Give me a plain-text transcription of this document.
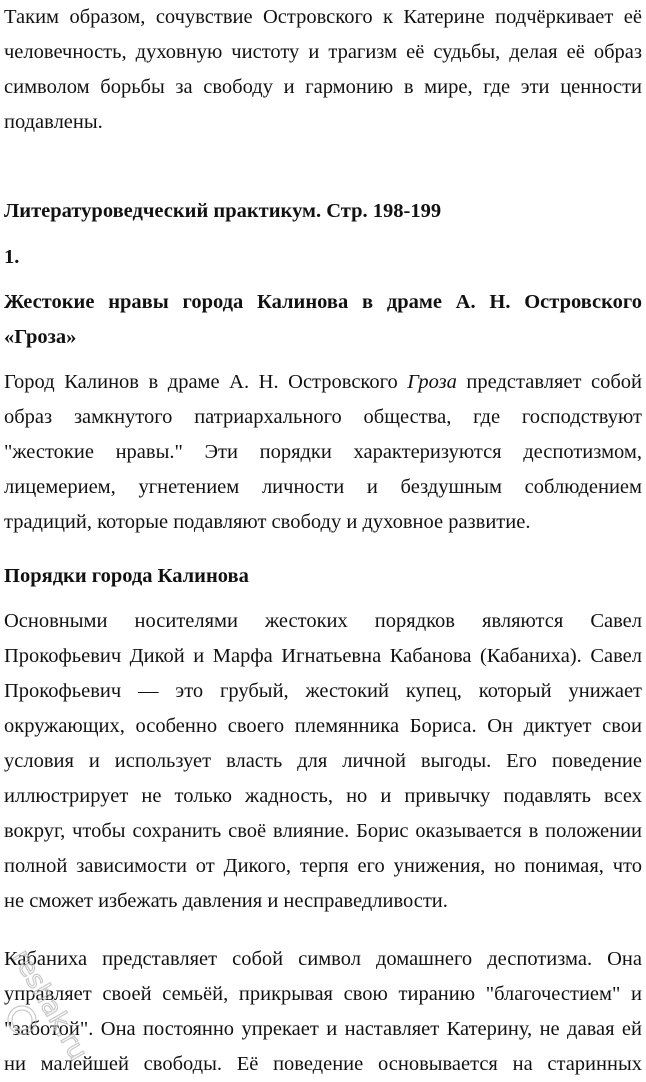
Таким образом, сочувствие Островского к Катерине подчёркивает её
человечность, духовную чистоту и трагизм её судьбы, делая её образ
символом борьбы за свободу и гармонию в мире, где эти ценности
подавлены.
Литературоведческий практикум. Стр. 198-199
1.
Жестокие нравы города Калинова в драме А. Н. Островского
«Гроза»
Город Калинов в драме А. Н. Островского Гроза представляет собой
образ замкнутого патриархального общества, где господствуют
"жестокие нравы." Эти порядки характеризуются деспотизмом,
лицемерием, угнетением личности и бездушным соблюдением
традиций, которые подавляют свободу и духовное развитие.
Порядки города Калинова
Основными носителями жестоких порядков являются Савел
Прокофьевич Дикой и Марфа Игнатьевна Кабанова (Кабаниха). Савел
Прокофьевич — это грубый, жестокий купец, который унижает
окружающих, особенно своего племянника Бориса. Он диктует свои
условия и использует власть для личной выгоды. Его поведение
иллюстрирует не только жадность, но и привычку подавлять всех
вокруг, чтобы сохранить своё влияние. Борис оказывается в положении
полной зависимости от Дикого, терпя его унижения, но понимая, что
не сможет избежать давления и несправедливости.
Кабаниха представляет собой символ домашнего деспотизма. Она
управляет своей семьёй, прикрывая свою тиранию "благочестием" и
"заботой". Она постоянно упрекает и наставляет Катерину, не давая ей
ни малейшей свободы. Её поведение основывается на старинных
reshak.ru
